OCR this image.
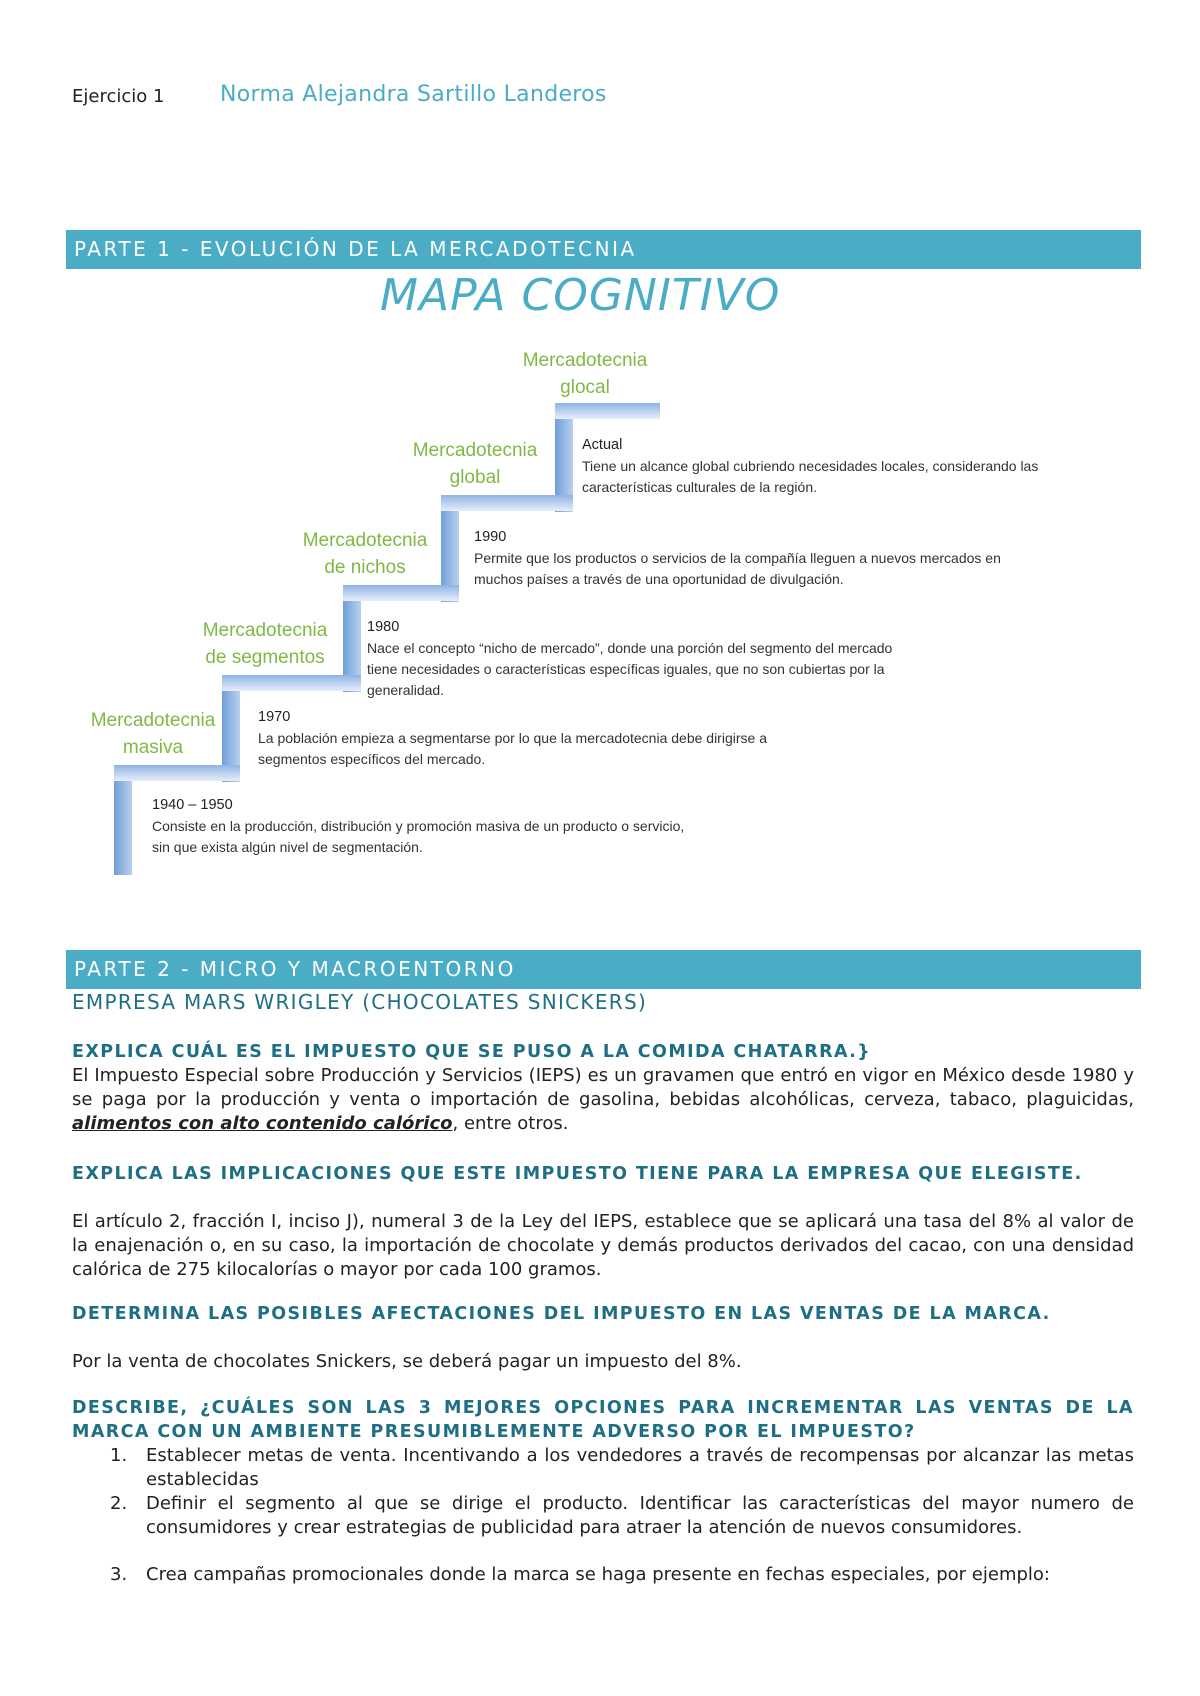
Ejercicio 1	Norma Alejandra Sartillo Landeros
PARTE 1 - EVOLUCIÓN DE LA MERCADOTECNIA
MAPA COGNITIVO
Mercadotecnia
masiva
Mercadotecnia
de segmentos
Mercadotecnia
de nichos
Mercadotecnia
global
Mercadotecnia
glocal
1940 – 1950
Consiste en la producción, distribución y promoción masiva de un producto o servicio, sin que exista algún nivel de segmentación.
1970
La población empieza a segmentarse por lo que la mercadotecnia debe dirigirse a segmentos específicos del mercado.
1980
Nace el concepto “nicho de mercado”, donde una porción del segmento del mercado tiene necesidades o características específicas iguales, que no son cubiertas por la generalidad.
1990
Permite que los productos o servicios de la compañía lleguen a nuevos mercados en muchos países a través de una oportunidad de divulgación.
Actual
Tiene un alcance global cubriendo necesidades locales, considerando las características culturales de la región.
PARTE 2 - MICRO Y MACROENTORNO
EMPRESA MARS WRIGLEY (CHOCOLATES SNICKERS)
EXPLICA CUÁL ES EL IMPUESTO QUE SE PUSO A LA COMIDA CHATARRA.}
El Impuesto Especial sobre Producción y Servicios (IEPS) es un gravamen que entró en vigor en México desde 1980 y se paga por la producción y venta o importación de gasolina, bebidas alcohólicas, cerveza, tabaco, plaguicidas, alimentos con alto contenido calórico, entre otros.
EXPLICA LAS IMPLICACIONES QUE ESTE IMPUESTO TIENE PARA LA EMPRESA QUE ELEGISTE.
El artículo 2, fracción I, inciso J), numeral 3 de la Ley del IEPS, establece que se aplicará una tasa del 8% al valor de la enajenación o, en su caso, la importación de chocolate y demás productos derivados del cacao, con una densidad calórica de 275 kilocalorías o mayor por cada 100 gramos.
DETERMINA LAS POSIBLES AFECTACIONES DEL IMPUESTO EN LAS VENTAS DE LA MARCA.
Por la venta de chocolates Snickers, se deberá pagar un impuesto del 8%.
DESCRIBE, ¿CUÁLES SON LAS 3 MEJORES OPCIONES PARA INCREMENTAR LAS VENTAS DE LA MARCA CON UN AMBIENTE PRESUMIBLEMENTE ADVERSO POR EL IMPUESTO?
1. Establecer metas de venta. Incentivando a los vendedores a través de recompensas por alcanzar las metas establecidas
2. Definir el segmento al que se dirige el producto. Identificar las características del mayor numero de consumidores y crear estrategias de publicidad para atraer la atención de nuevos consumidores.
3. Crea campañas promocionales donde la marca se haga presente en fechas especiales, por ejemplo:
